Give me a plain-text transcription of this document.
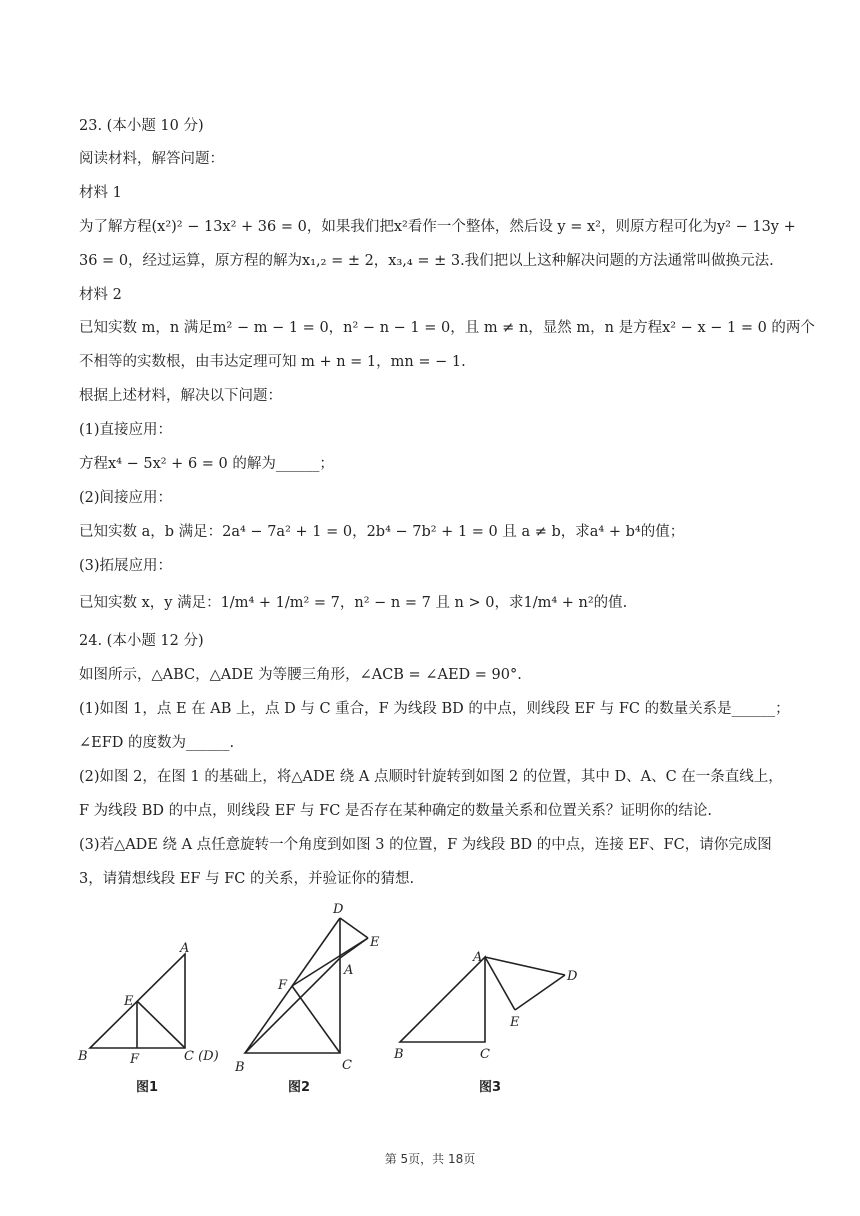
23. (本小题 10 分)
阅读材料，解答问题：
材料 1
为了解方程(x²)² − 13x² + 36 = 0，如果我们把x²看作一个整体，然后设 y = x²，则原方程可化为y² − 13y +
36 = 0，经过运算，原方程的解为x₁,₂ = ± 2，x₃,₄ = ± 3.我们把以上这种解决问题的方法通常叫做换元法.
材料 2
已知实数 m，n 满足m² − m − 1 = 0，n² − n − 1 = 0，且 m ≠ n，显然 m，n 是方程x² − x − 1 = 0 的两个
不相等的实数根，由韦达定理可知 m + n = 1，mn = − 1.
根据上述材料，解决以下问题：
(1)直接应用：
方程x⁴ − 5x² + 6 = 0 的解为______；
(2)间接应用：
已知实数 a，b 满足：2a⁴ − 7a² + 1 = 0，2b⁴ − 7b² + 1 = 0 且 a ≠ b，求a⁴ + b⁴的值；
(3)拓展应用：
已知实数 x，y 满足：1/m⁴ + 1/m² = 7，n² − n = 7 且 n > 0，求1/m⁴ + n²的值.
24. (本小题 12 分)
如图所示，△ABC，△ADE 为等腰三角形，∠ACB = ∠AED = 90°.
(1)如图 1，点 E 在 AB 上，点 D 与 C 重合，F 为线段 BD 的中点，则线段 EF 与 FC 的数量关系是______；
∠EFD 的度数为______.
(2)如图 2，在图 1 的基础上，将△ADE 绕 A 点顺时针旋转到如图 2 的位置，其中 D、A、C 在一条直线上，
F 为线段 BD 的中点，则线段 EF 与 FC 是否存在某种确定的数量关系和位置关系？证明你的结论.
(3)若△ADE 绕 A 点任意旋转一个角度到如图 3 的位置，F 为线段 BD 的中点，连接 EF、FC，请你完成图
3，请猜想线段 EF 与 FC 的关系，并验证你的猜想.
A
B	C (D)
E
F
D
E
A
F
B	C
A
D
E
B	C
图1	图2	图3
第 5页，共 18页
